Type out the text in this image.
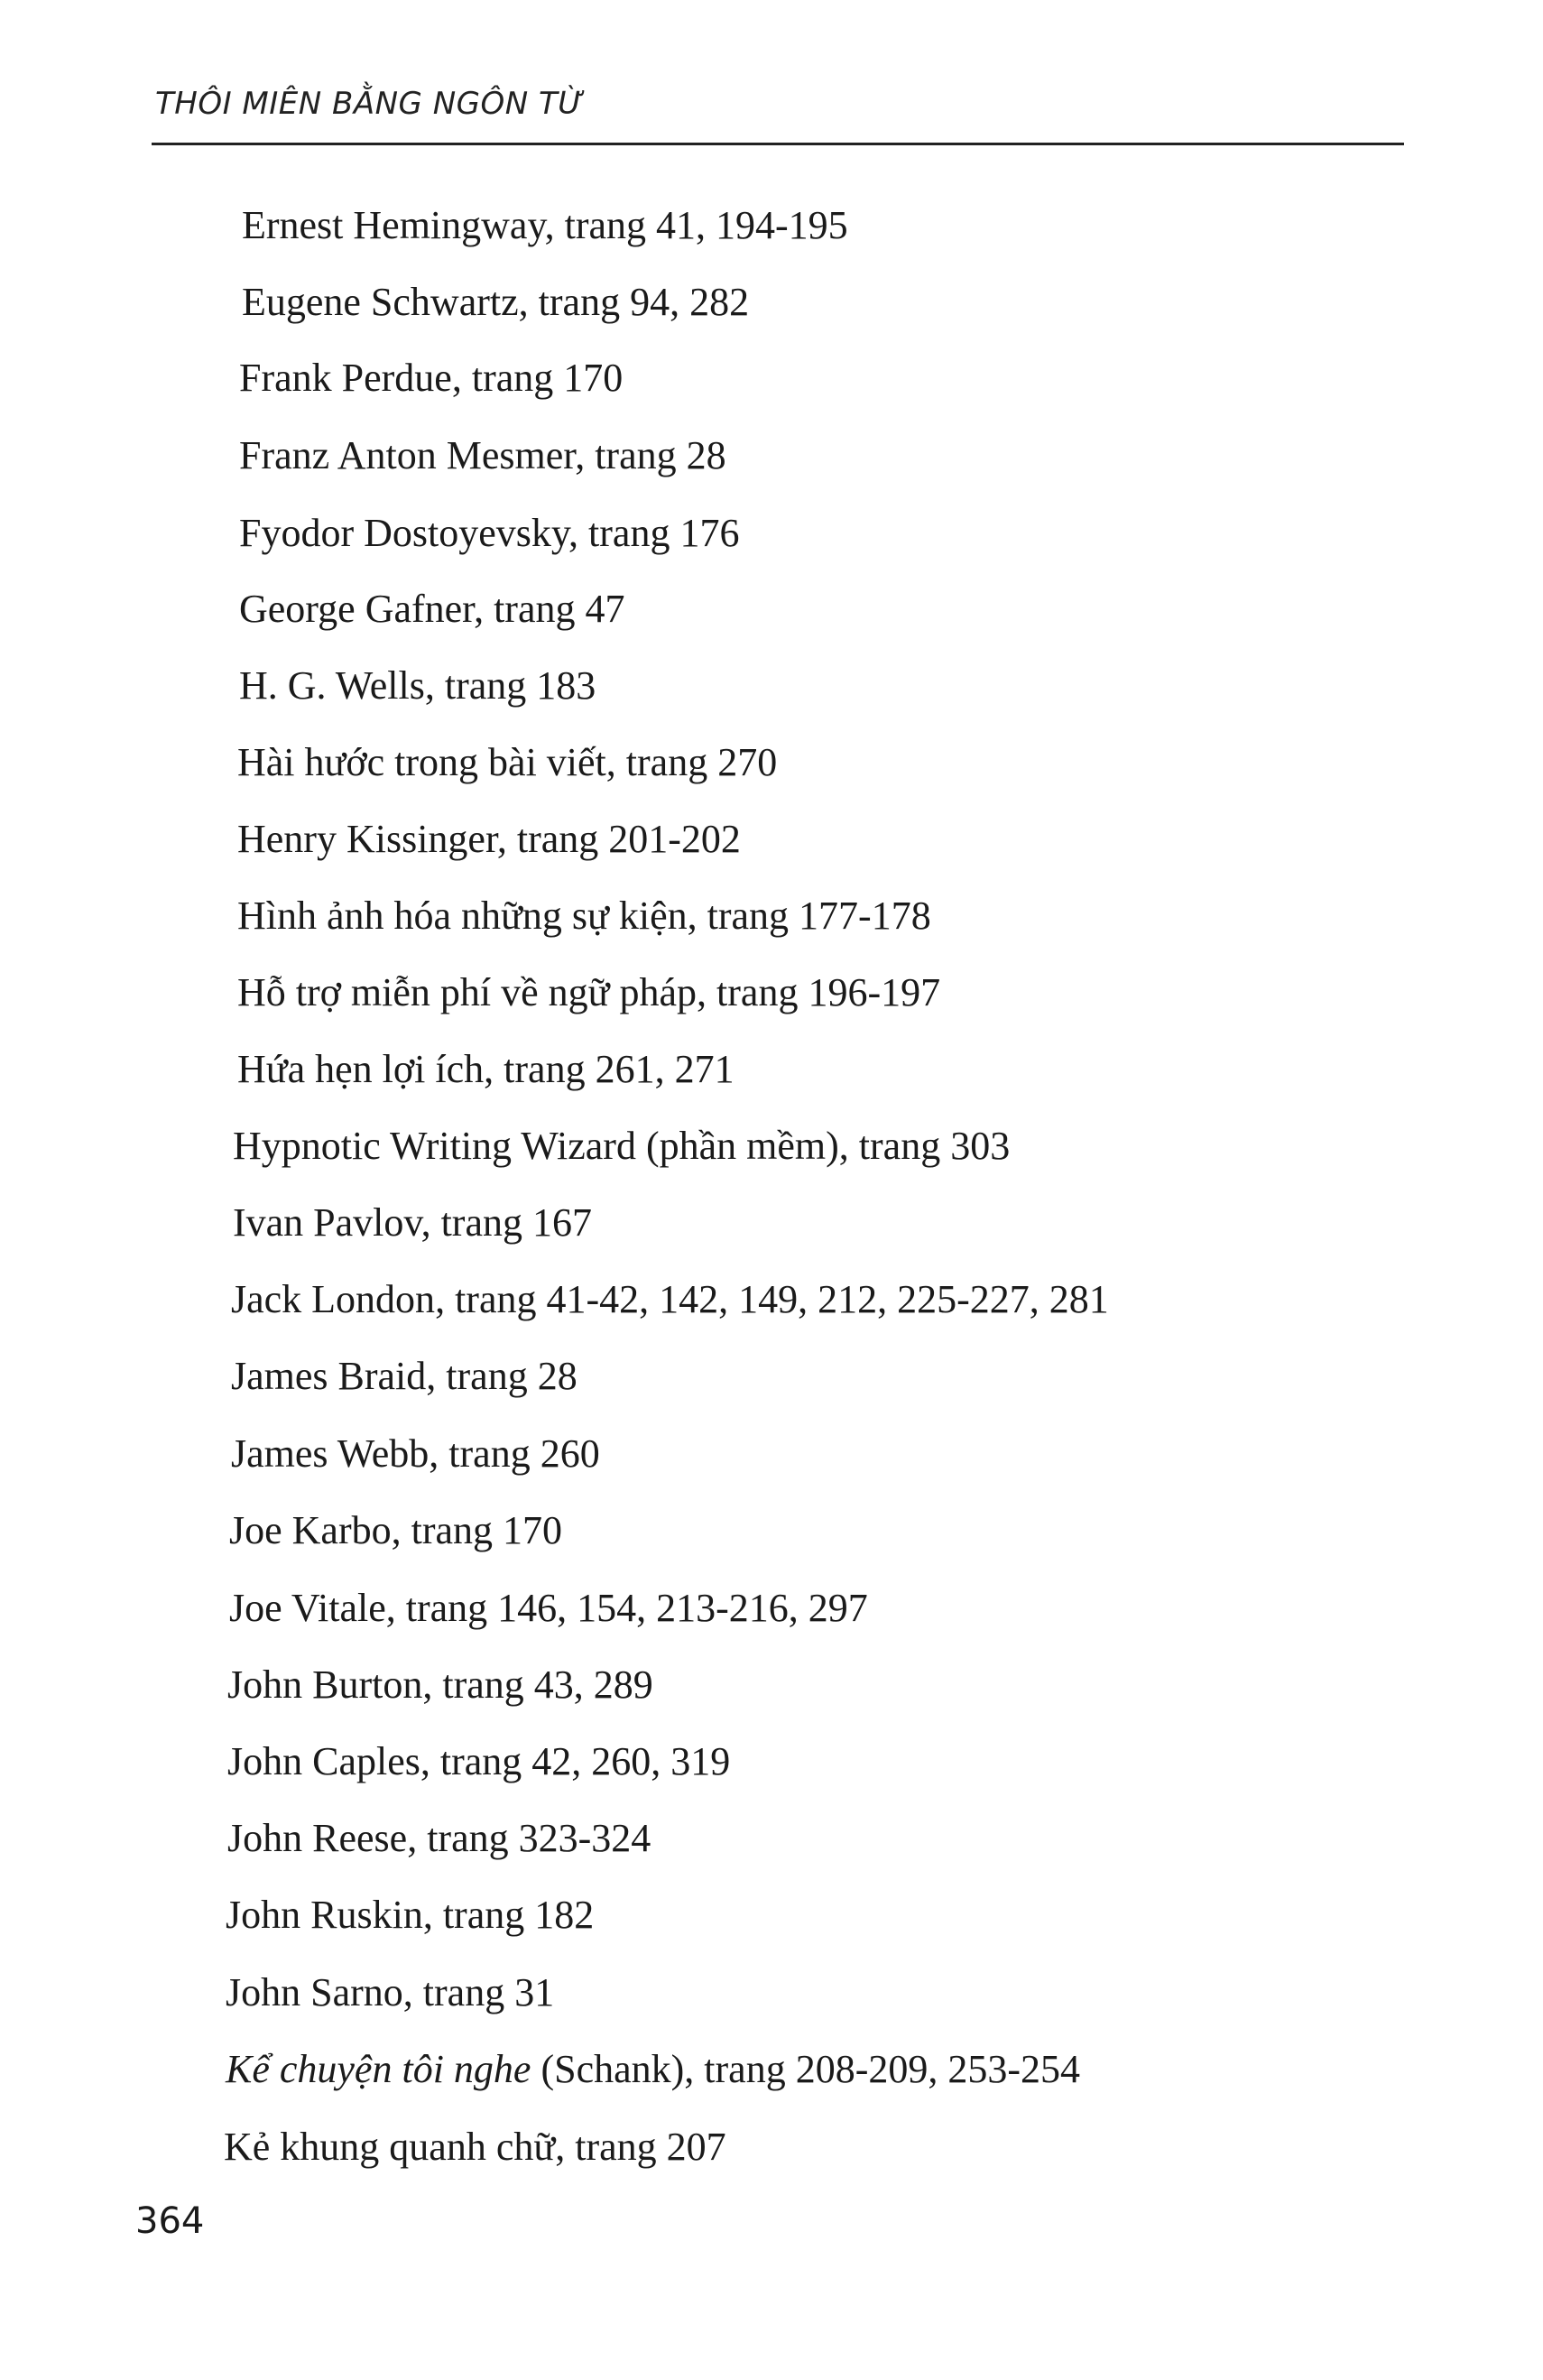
THÔI MIÊN BẰNG NGÔN TỪ
Ernest Hemingway, trang 41, 194-195
Eugene Schwartz, trang 94, 282
Frank Perdue, trang 170
Franz Anton Mesmer, trang 28
Fyodor Dostoyevsky, trang 176
George Gafner, trang 47
H. G. Wells, trang 183
Hài hước trong bài viết, trang 270
Henry Kissinger, trang 201-202
Hình ảnh hóa những sự kiện, trang 177-178
Hỗ trợ miễn phí về ngữ pháp, trang 196-197
Hứa hẹn lợi ích, trang 261, 271
Hypnotic Writing Wizard (phần mềm), trang 303
Ivan Pavlov, trang 167
Jack London, trang 41-42, 142, 149, 212, 225-227, 281
James Braid, trang 28
James Webb, trang 260
Joe Karbo, trang 170
Joe Vitale, trang 146, 154, 213-216, 297
John Burton, trang 43, 289
John Caples, trang 42, 260, 319
John Reese, trang 323-324
John Ruskin, trang 182
John Sarno, trang 31
Kể chuyện tôi nghe (Schank), trang 208-209, 253-254
Kẻ khung quanh chữ, trang 207
364
